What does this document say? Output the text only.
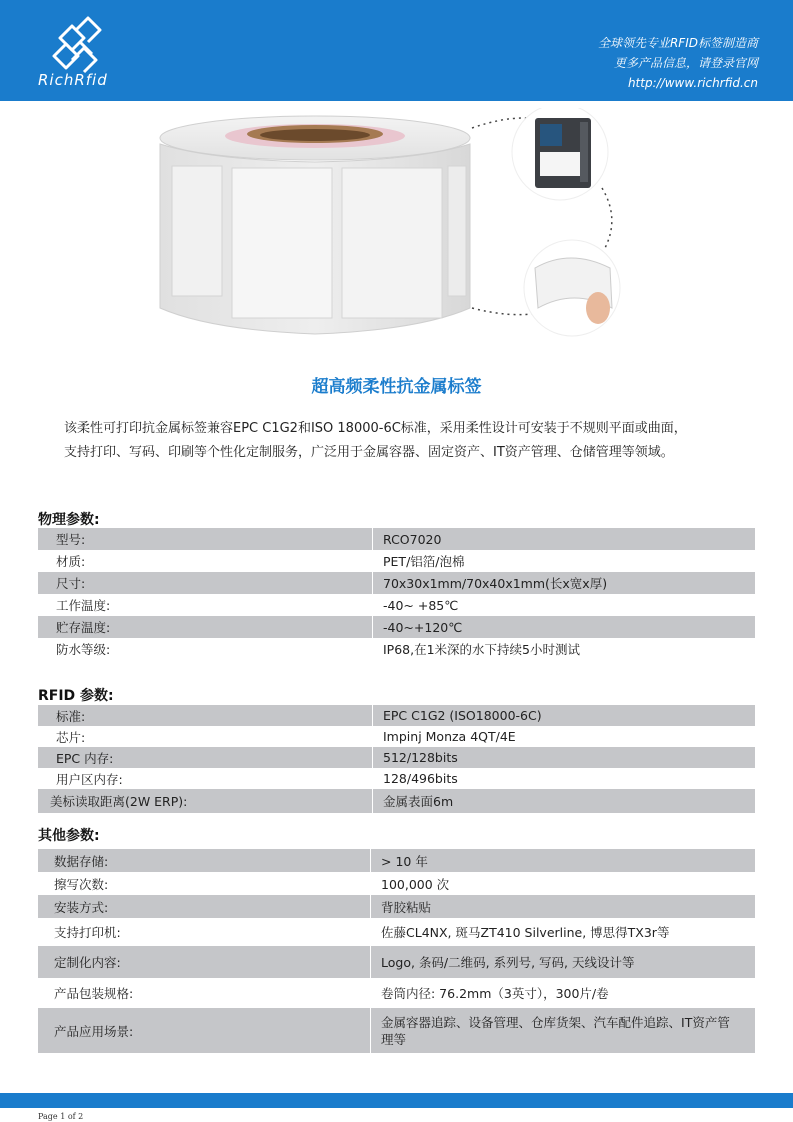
RichRfid
全球领先专业RFID标签制造商
更多产品信息，请登录官网
http://www.richrfid.cn
超高频柔性抗金属标签

该柔性可打印抗金属标签兼容EPC C1G2和ISO 18000-6C标准，采用柔性设计可安装于不规则平面或曲面，

支持打印、写码、印刷等个性化定制服务，广泛用于金属容器、固定资产、IT资产管理、仓储管理等领域。

物理参数:
型号:	RCO7020
材质:	PET/铝箔/泡棉
尺寸:	70x30x1mm/70x40x1mm(长x宽x厚)
工作温度:	-40~ +85℃
贮存温度:	-40~+120℃
防水等级:	IP68,在1米深的水下持续5小时测试
RFID 参数:
标准:	EPC C1G2 (ISO18000-6C)
芯片:	Impinj Monza 4QT/4E
EPC 内存:	512/128bits
用户区内存:	128/496bits
美标读取距离(2W ERP):	金属表面6m
其他参数:
数据存储:	> 10 年
擦写次数:	100,000 次
安装方式:	背胶粘贴
支持打印机:	佐藤CL4NX, 斑马ZT410 Silverline, 博思得TX3r等
定制化内容:	Logo, 条码/二维码, 系列号, 写码, 天线设计等
产品包装规格:	卷筒内径: 76.2mm（3英寸），300片/卷
产品应用场景:	金属容器追踪、设备管理、仓库货架、汽车配件追踪、IT资产管理等
Page 1 of 2
